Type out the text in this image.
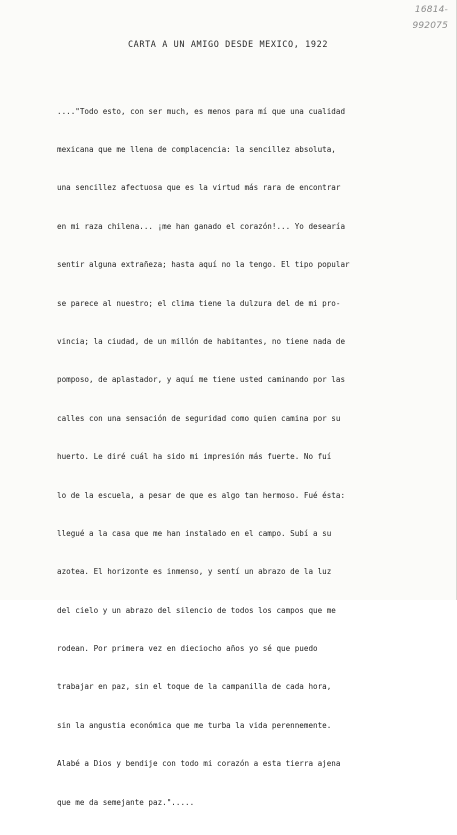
16814-
992075
CARTA A UN AMIGO DESDE MEXICO, 1922

...."Todo esto, con ser much, es menos para mí que una cualidad

mexicana que me llena de complacencia: la sencillez absoluta,

una sencillez afectuosa que es la virtud más rara de encontrar

en mi raza chilena... ¡me han ganado el corazón!... Yo desearía

sentir alguna extrañeza; hasta aquí no la tengo. El tipo popular

se parece al nuestro; el clima tiene la dulzura del de mi pro-

vincia; la ciudad, de un millón de habitantes, no tiene nada de

pomposo, de aplastador, y aquí me tiene usted caminando por las

calles con una sensación de seguridad como quien camina por su

huerto. Le diré cuál ha sido mi impresión más fuerte. No fuí

lo de la escuela, a pesar de que es algo tan hermoso. Fué ésta:

llegué a la casa que me han instalado en el campo. Subí a su

azotea. El horizonte es inmenso, y sentí un abrazo de la luz

del cielo y un abrazo del silencio de todos los campos que me

rodean. Por primera vez en dieciocho años yo sé que puedo

trabajar en paz, sin el toque de la campanilla de cada hora,

sin la angustia económica que me turba la vida perennemente.

Alabé a Dios y bendije con todo mi corazón a esta tierra ajena

que me da semejante paz.".....
